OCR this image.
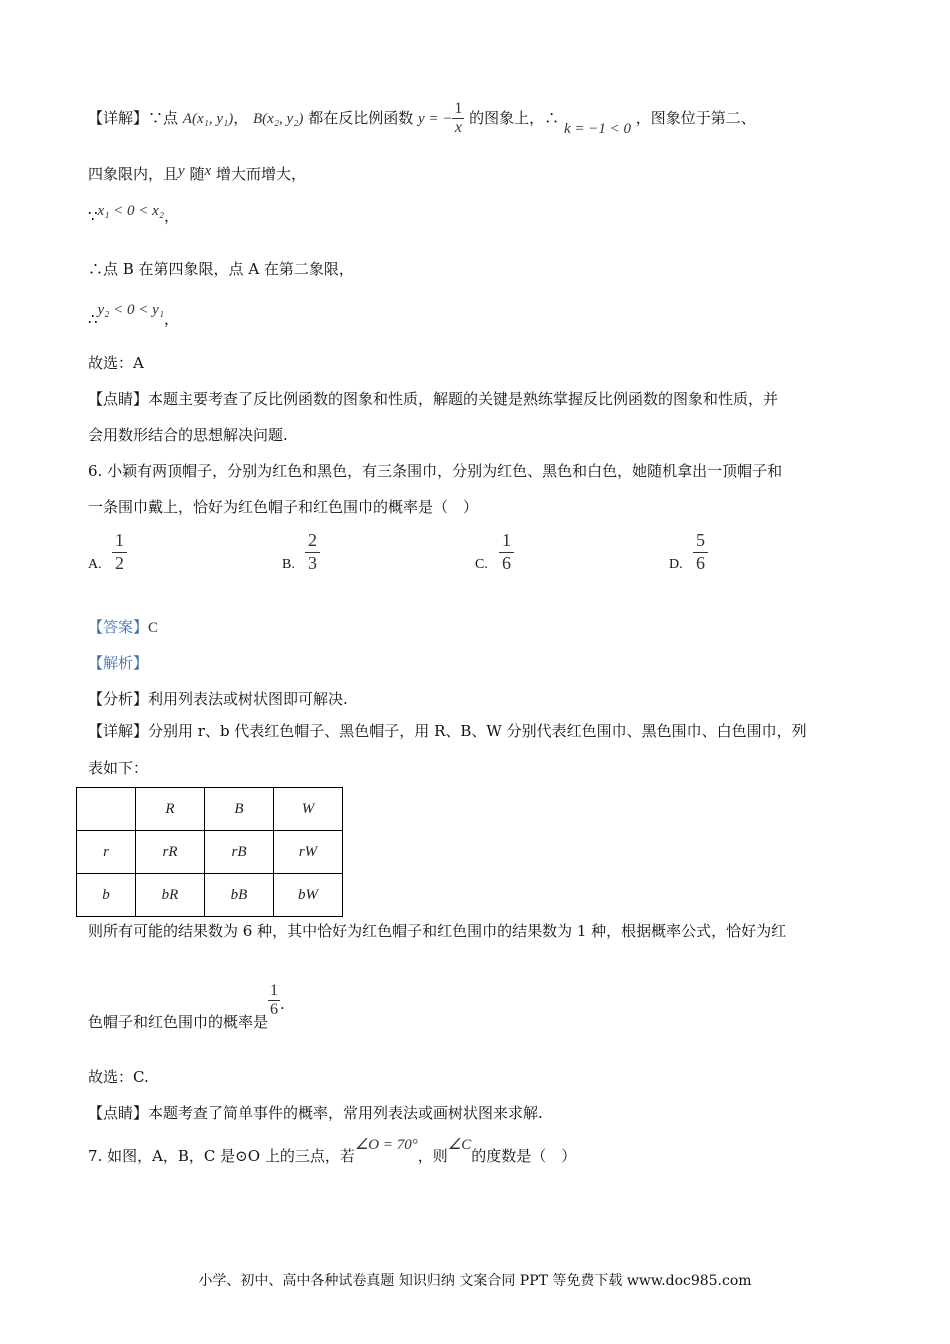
【详解】∵点 A(x₁, y₁)， B(x₂, y₂) 都在反比例函数 y = − $\frac{1}{x}$ 的图象上，∴ k = −1 < 0 ，图象位于第二、
四象限内，且y 随x 增大而增大，
∵x₁ < 0 < x₂，
∴点 B 在第四象限，点 A 在第二象限，
∴y₂ < 0 < y₁，
故选：A
【点睛】本题主要考查了反比例函数的图象和性质，解题的关键是熟练掌握反比例函数的图象和性质，并
会用数形结合的思想解决问题.
6. 小颖有两顶帽子，分别为红色和黑色，有三条围巾，分别为红色、黑色和白色，她随机拿出一顶帽子和
一条围巾戴上，恰好为红色帽子和红色围巾的概率是（　）
A. $\frac{1}{2}$	B. $\frac{2}{3}$	C. $\frac{1}{6}$	D. $\frac{5}{6}$
【答案】C
【解析】
【分析】利用列表法或树状图即可解决.
【详解】分别用 r、b 代表红色帽子、黑色帽子，用 R、B、W 分别代表红色围巾、黑色围巾、白色围巾，列
表如下：
	R	B	W
r	rR	rB	rW
b	bR	bB	bW
则所有可能的结果数为 6 种，其中恰好为红色帽子和红色围巾的结果数为 1 种，根据概率公式，恰好为红
色帽子和红色围巾的概率是
$\frac{1}{6}$ .
故选：C.
【点睛】本题考查了简单事件的概率，常用列表法或画树状图来求解.
7. 如图，A，B，C 是⊙O 上的三点，若∠O = 70°，则∠C的度数是（　）
小学、初中、高中各种试卷真题 知识归纳 文案合同 PPT 等免费下载 www.doc985.com
